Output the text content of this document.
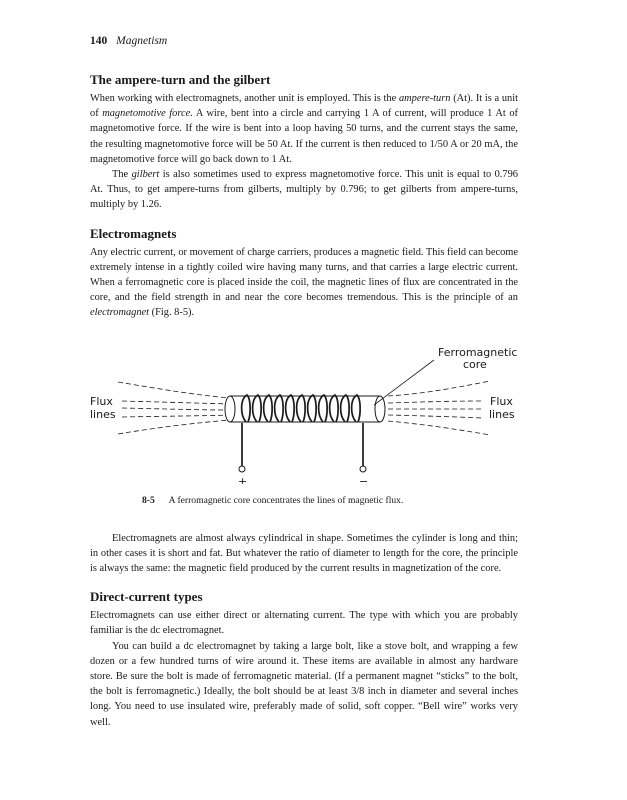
140 Magnetism
The ampere-turn and the gilbert

When working with electromagnets, another unit is employed. This is the ampere-turn (At). It is a unit of magnetomotive force. A wire, bent into a circle and carrying 1 A of current, will produce 1 At of magnetomotive force. If the wire is bent into a loop having 50 turns, and the current stays the same, the resulting magnetomotive force will be 50 At. If the current is then reduced to 1/50 A or 20 mA, the magnetomotive force will go back down to 1 At.

The gilbert is also sometimes used to express magnetomotive force. This unit is equal to 0.796 At. Thus, to get ampere-turns from gilberts, multiply by 0.796; to get gilberts from ampere-turns, multiply by 1.26.

Electromagnets

Any electric current, or movement of charge carriers, produces a magnetic field. This field can become extremely intense in a tightly coiled wire having many turns, and that carries a large electric current. When a ferromagnetic core is placed inside the coil, the magnetic lines of flux are concentrated in the core, and the field strength in and near the core becomes tremendous. This is the principle of an electromagnet (Fig. 8-5).

Ferromagnetic
core
Flux
lines
Flux
lines
+	−
8-5 A ferromagnetic core concentrates the lines of magnetic flux.

Electromagnets are almost always cylindrical in shape. Sometimes the cylinder is long and thin; in other cases it is short and fat. But whatever the ratio of diameter to length for the core, the principle is always the same: the magnetic field produced by the current results in magnetization of the core.

Direct-current types

Electromagnets can use either direct or alternating current. The type with which you are probably familiar is the dc electromagnet.

You can build a dc electromagnet by taking a large bolt, like a stove bolt, and wrapping a few dozen or a few hundred turns of wire around it. These items are available in almost any hardware store. Be sure the bolt is made of ferromagnetic material. (If a permanent magnet “sticks” to the bolt, the bolt is ferromagnetic.) Ideally, the bolt should be at least 3/8 inch in diameter and several inches long. You need to use insulated wire, preferably made of solid, soft copper. “Bell wire” works very well.
